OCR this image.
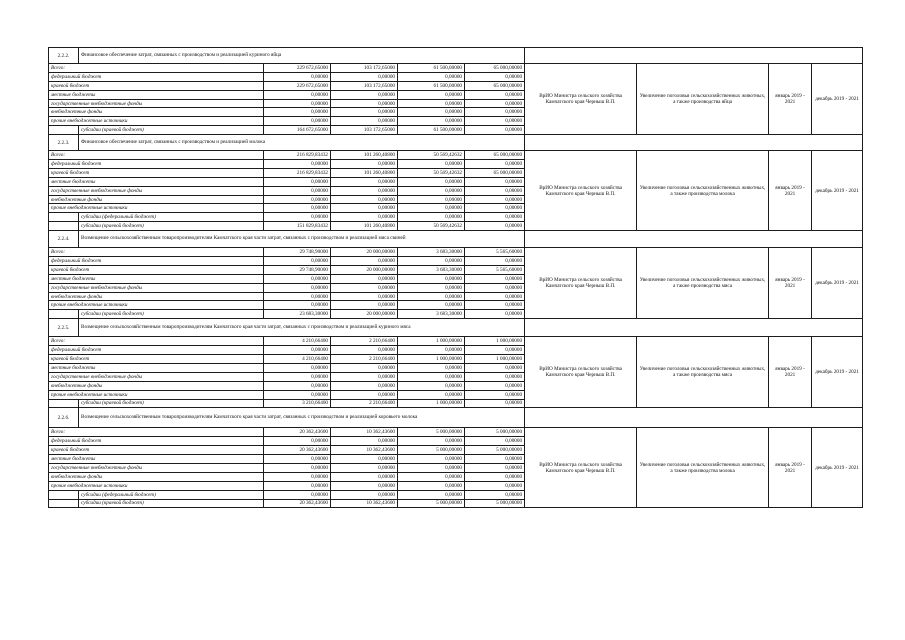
2.2.2.	Финансовое обеспечение затрат, связанных с производством и реализацией куриного яйца								
Всего:		229 672,65000	103 172,65000	61 500,00000	65 000,00000	ВрИО Министра сельского хозяйства Камчатского края Черныш В.П.	Увеличение поголовья сельскохозяйственных животных, а также производства яйца	январь 2019 - 2021	декабрь 2019 - 2021
федеральный бюджет		0,00000	0,00000	0,00000	0,00000				
краевой бюджет		229 672,65000	103 172,65000	61 500,00000	65 000,00000				
местные бюджеты		0,00000	0,00000	0,00000	0,00000				
государственные внебюджетные фонды		0,00000	0,00000	0,00000	0,00000				
внебюджетные фонды		0,00000	0,00000	0,00000	0,00000				
прочие внебюджетные источники		0,00000	0,00000	0,00000	0,00000				
	субсидии (краевой бюджет)	164 672,65000	103 172,65000	61 500,00000	0,00000				
2.2.3.	Финансовое обеспечение затрат, связанных с производством и реализацией молока								
Всего:		216 829,83432	101 260,40800	50 569,42632	65 000,00000	ВрИО Министра сельского хозяйства Камчатского края Черныш В.П.	Увеличение поголовья сельскохозяйственных животных, а также производства молока	январь 2019 - 2021	декабрь 2019 - 2021
федеральный бюджет		0,00000	0,00000	0,00000	0,00000				
краевой бюджет		216 829,83432	101 260,40800	50 569,42632	65 000,00000				
местные бюджеты		0,00000	0,00000	0,00000	0,00000				
государственные внебюджетные фонды		0,00000	0,00000	0,00000	0,00000				
внебюджетные фонды		0,00000	0,00000	0,00000	0,00000				
прочие внебюджетные источники		0,00000	0,00000	0,00000	0,00000				
	субсидии (федеральный бюджет)	0,00000	0,00000	0,00000	0,00000				
	субсидии (краевой бюджет)	151 829,83432	101 260,40800	50 569,42632	0,00000				
2.2.4.	Возмещение сельскохозяйственным товаропроизводителям Камчатского края части затрат, связанных с производством и реализацией мяса свиней								
Всего:		29 748,90000	20 000,00000	3 683,30000	5 565,60000	ВрИО Министра сельского хозяйства Камчатского края Черныш В.П.	Увеличение поголовья сельскохозяйственных животных, а также производства мяса	январь 2019 - 2021	декабрь 2019 - 2021
федеральный бюджет		0,00000	0,00000	0,00000	0,00000				
краевой бюджет		29 748,90000	20 000,00000	3 683,30000	5 565,60000				
местные бюджеты		0,00000	0,00000	0,00000	0,00000				
государственные внебюджетные фонды		0,00000	0,00000	0,00000	0,00000				
внебюджетные фонды		0,00000	0,00000	0,00000	0,00000				
прочие внебюджетные источники		0,00000	0,00000	0,00000	0,00000				
	субсидии (краевой бюджет)	23 683,30000	20 000,00000	3 683,30000	0,00000				
2.2.5.	Возмещение сельскохозяйственным товаропроизводителям Камчатского края части затрат, связанных с производством и реализацией куриного мяса								
Всего:		4 210,66400	2 210,66400	1 000,00000	1 000,00000	ВрИО Министра сельского хозяйства Камчатского края Черныш В.П.	Увеличение поголовья сельскохозяйственных животных, а также производства мяса	январь 2019 - 2021	декабрь 2019 - 2021
федеральный бюджет		0,00000	0,00000	0,00000	0,00000				
краевой бюджет		4 210,66400	2 210,66400	1 000,00000	1 000,00000				
местные бюджеты		0,00000	0,00000	0,00000	0,00000				
государственные внебюджетные фонды		0,00000	0,00000	0,00000	0,00000				
внебюджетные фонды		0,00000	0,00000	0,00000	0,00000				
прочие внебюджетные источники		0,00000	0,00000	0,00000	0,00000				
	субсидии (краевой бюджет)	3 210,66400	2 210,66400	1 000,00000	0,00000				
2.2.6.	Возмещение сельскохозяйственным товаропроизводителям Камчатского края части затрат, связанных с производством и реализацией коровьего молока								
Всего:		20 362,43600	10 362,43600	5 000,00000	5 000,00000	ВрИО Министра сельского хозяйства Камчатского края Черныш В.П.	Увеличение поголовья сельскохозяйственных животных, а также производства молока	январь 2019 - 2021	декабрь 2019 - 2021
федеральный бюджет		0,00000	0,00000	0,00000	0,00000				
краевой бюджет		20 362,43600	10 362,43600	5 000,00000	5 000,00000				
местные бюджеты		0,00000	0,00000	0,00000	0,00000				
государственные внебюджетные фонды		0,00000	0,00000	0,00000	0,00000				
внебюджетные фонды		0,00000	0,00000	0,00000	0,00000				
прочие внебюджетные источники		0,00000	0,00000	0,00000	0,00000				
	субсидии (федеральный бюджет)	0,00000	0,00000	0,00000	0,00000				
	субсидии (краевой бюджет)	20 362,43600	10 362,43600	5 000,00000	5 000,00000				
